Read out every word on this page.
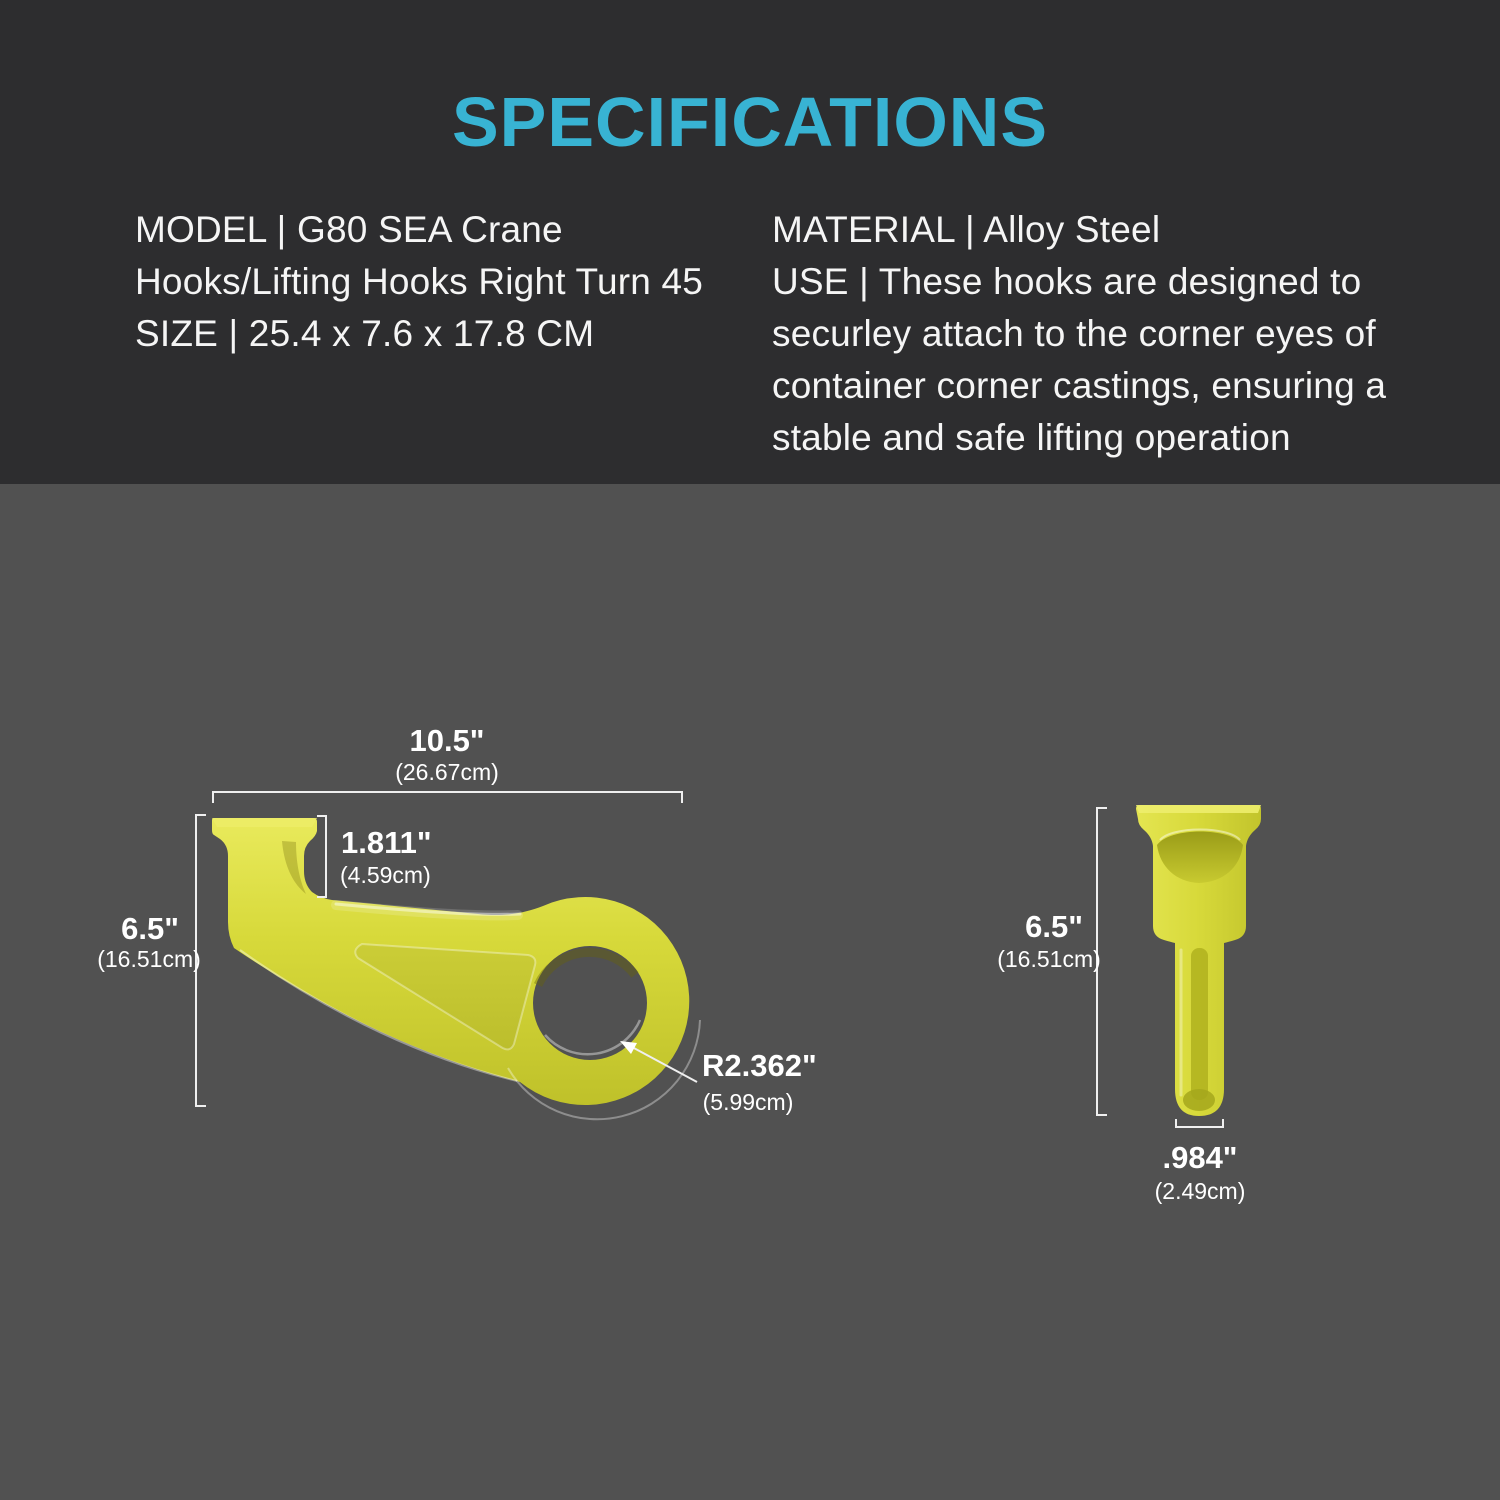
SPECIFICATIONS

MODEL | G80 SEA Crane

Hooks/Lifting Hooks Right Turn 45

SIZE | 25.4 x 7.6 x 17.8 CM

MATERIAL | Alloy Steel

USE | These hooks are designed to

securley attach to the corner eyes of

container corner castings, ensuring a

stable and safe lifting operation

10.5"
(26.67cm)
6.5"
(16.51cm)
1.811"
(4.59cm)
R2.362"
(5.99cm)
6.5"
(16.51cm)
.984"
(2.49cm)
